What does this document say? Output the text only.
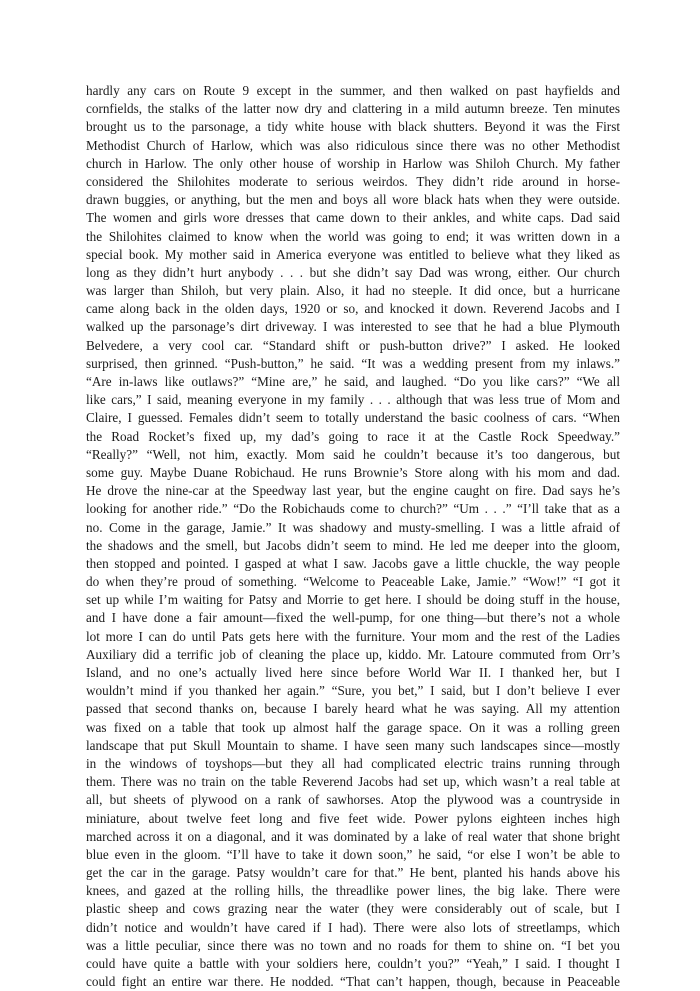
hardly any cars on Route 9 except in the summer, and then walked on past hayfields and
cornfields, the stalks of the latter now dry and clattering in a mild autumn breeze. Ten minutes
brought us to the parsonage, a tidy white house with black shutters. Beyond it was the First
Methodist Church of Harlow, which was also ridiculous since there was no other Methodist
church in Harlow. The only other house of worship in Harlow was Shiloh Church. My father
considered the Shilohites moderate to serious weirdos. They didn’t ride around in horse-
drawn buggies, or anything, but the men and boys all wore black hats when they were outside.
The women and girls wore dresses that came down to their ankles, and white caps. Dad said
the Shilohites claimed to know when the world was going to end; it was written down in a
special book. My mother said in America everyone was entitled to believe what they liked as
long as they didn’t hurt anybody . . . but she didn’t say Dad was wrong, either. Our church
was larger than Shiloh, but very plain. Also, it had no steeple. It did once, but a hurricane
came along back in the olden days, 1920 or so, and knocked it down. Reverend Jacobs and I
walked up the parsonage’s dirt driveway. I was interested to see that he had a blue Plymouth
Belvedere, a very cool car. “Standard shift or push-button drive?” I asked. He looked
surprised, then grinned. “Push-button,” he said. “It was a wedding present from my inlaws.”
“Are in-laws like outlaws?” “Mine are,” he said, and laughed. “Do you like cars?” “We all
like cars,” I said, meaning everyone in my family . . . although that was less true of Mom and
Claire, I guessed. Females didn’t seem to totally understand the basic coolness of cars. “When
the Road Rocket’s fixed up, my dad’s going to race it at the Castle Rock Speedway.”
“Really?” “Well, not him, exactly. Mom said he couldn’t because it’s too dangerous, but
some guy. Maybe Duane Robichaud. He runs Brownie’s Store along with his mom and dad.
He drove the nine-car at the Speedway last year, but the engine caught on fire. Dad says he’s
looking for another ride.” “Do the Robichauds come to church?” “Um . . .” “I’ll take that as a
no. Come in the garage, Jamie.” It was shadowy and musty-smelling. I was a little afraid of
the shadows and the smell, but Jacobs didn’t seem to mind. He led me deeper into the gloom,
then stopped and pointed. I gasped at what I saw. Jacobs gave a little chuckle, the way people
do when they’re proud of something. “Welcome to Peaceable Lake, Jamie.” “Wow!” “I got it
set up while I’m waiting for Patsy and Morrie to get here. I should be doing stuff in the house,
and I have done a fair amount—fixed the well-pump, for one thing—but there’s not a whole
lot more I can do until Pats gets here with the furniture. Your mom and the rest of the Ladies
Auxiliary did a terrific job of cleaning the place up, kiddo. Mr. Latoure commuted from Orr’s
Island, and no one’s actually lived here since before World War II. I thanked her, but I
wouldn’t mind if you thanked her again.” “Sure, you bet,” I said, but I don’t believe I ever
passed that second thanks on, because I barely heard what he was saying. All my attention
was fixed on a table that took up almost half the garage space. On it was a rolling green
landscape that put Skull Mountain to shame. I have seen many such landscapes since—mostly
in the windows of toyshops—but they all had complicated electric trains running through
them. There was no train on the table Reverend Jacobs had set up, which wasn’t a real table at
all, but sheets of plywood on a rank of sawhorses. Atop the plywood was a countryside in
miniature, about twelve feet long and five feet wide. Power pylons eighteen inches high
marched across it on a diagonal, and it was dominated by a lake of real water that shone bright
blue even in the gloom. “I’ll have to take it down soon,” he said, “or else I won’t be able to
get the car in the garage. Patsy wouldn’t care for that.” He bent, planted his hands above his
knees, and gazed at the rolling hills, the threadlike power lines, the big lake. There were
plastic sheep and cows grazing near the water (they were considerably out of scale, but I
didn’t notice and wouldn’t have cared if I had). There were also lots of streetlamps, which
was a little peculiar, since there was no town and no roads for them to shine on. “I bet you
could have quite a battle with your soldiers here, couldn’t you?” “Yeah,” I said. I thought I
could fight an entire war there. He nodded. “That can’t happen, though, because in Peaceable
